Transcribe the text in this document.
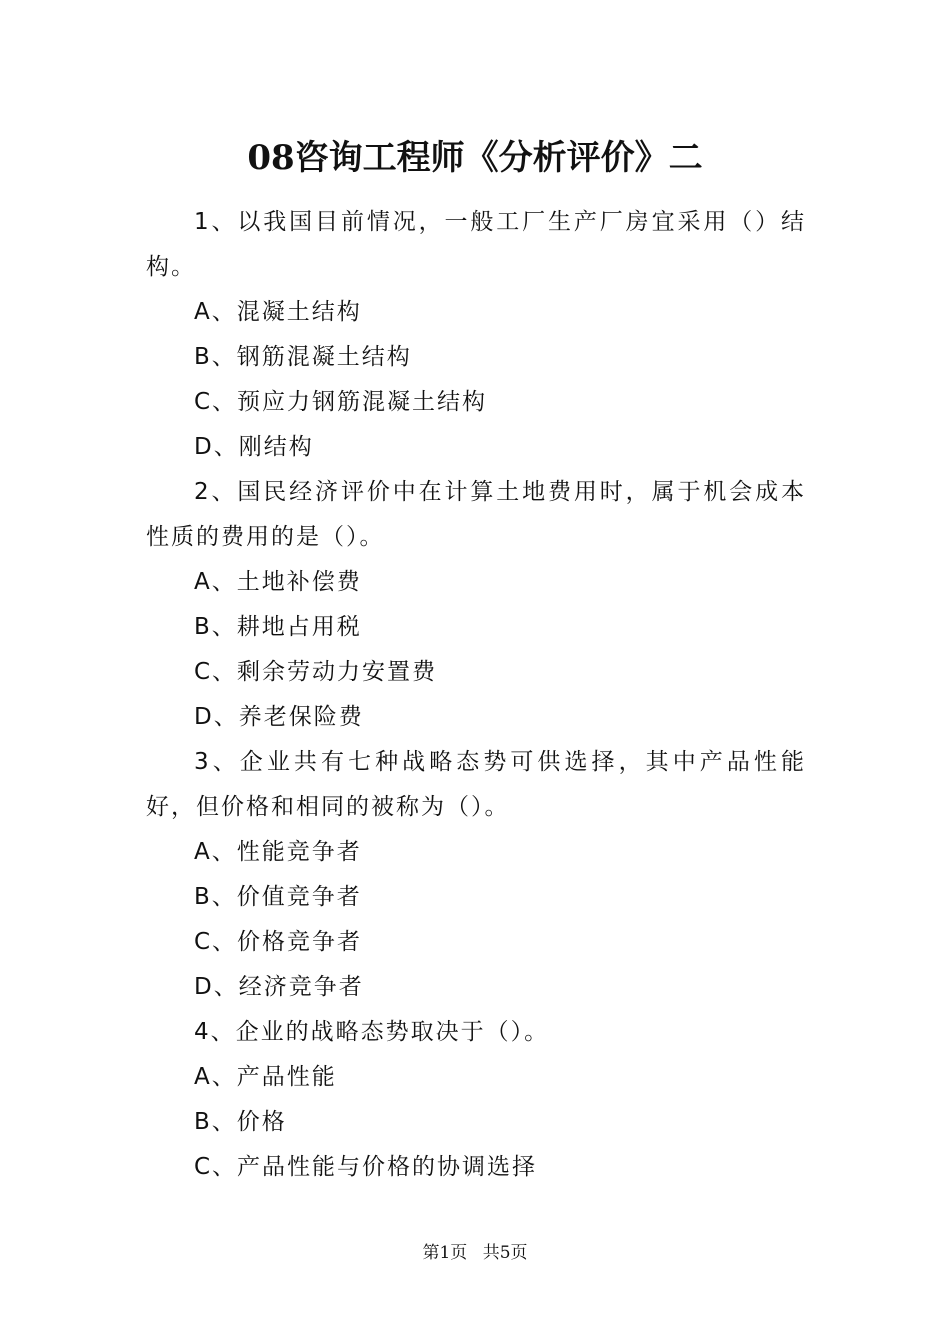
08咨询工程师《分析评价》二

1、以我国目前情况，一般工厂生产厂房宜采用（）结构。

A、混凝土结构

B、钢筋混凝土结构

C、预应力钢筋混凝土结构

D、刚结构

2、国民经济评价中在计算土地费用时，属于机会成本性质的费用的是（）。

A、土地补偿费

B、耕地占用税

C、剩余劳动力安置费

D、养老保险费

3、企业共有七种战略态势可供选择，其中产品性能好，但价格和相同的被称为（）。

A、性能竞争者

B、价值竞争者

C、价格竞争者

D、经济竞争者

4、企业的战略态势取决于（）。

A、产品性能

B、价格

C、产品性能与价格的协调选择

第1页 共5页
